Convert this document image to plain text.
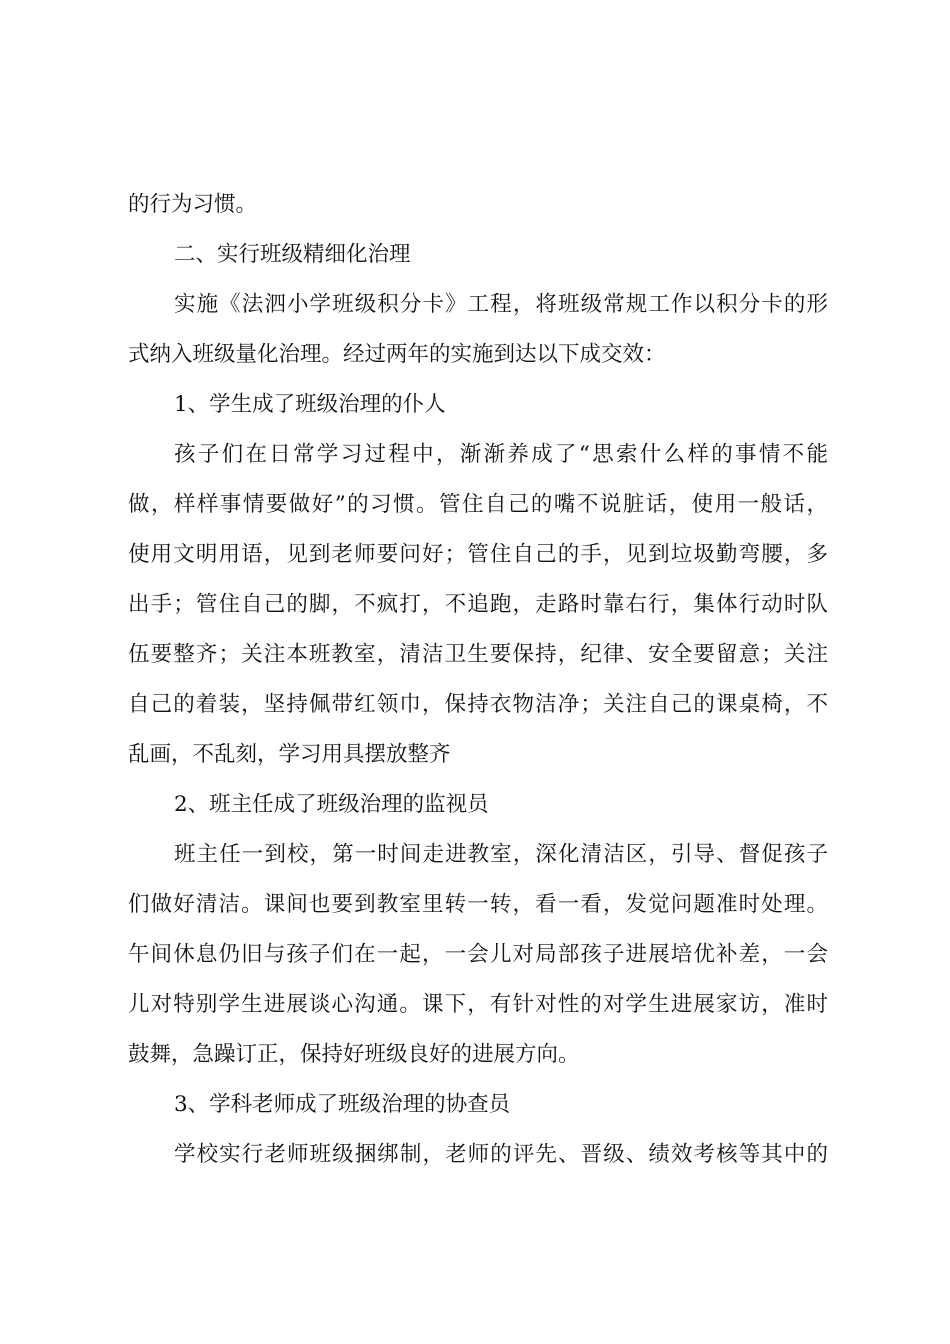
的行为习惯。
二、实行班级精细化治理
实施《法泗小学班级积分卡》工程，将班级常规工作以积分卡的形
式纳入班级量化治理。经过两年的实施到达以下成交效：
1、学生成了班级治理的仆人
孩子们在日常学习过程中，渐渐养成了“思索什么样的事情不能
做，样样事情要做好”的习惯。管住自己的嘴不说脏话，使用一般话，
使用文明用语，见到老师要问好；管住自己的手，见到垃圾勤弯腰，多
出手；管住自己的脚，不疯打，不追跑，走路时靠右行，集体行动时队
伍要整齐；关注本班教室，清洁卫生要保持，纪律、安全要留意；关注
自己的着装，坚持佩带红领巾，保持衣物洁净；关注自己的课桌椅，不
乱画，不乱刻，学习用具摆放整齐
2、班主任成了班级治理的监视员
班主任一到校，第一时间走进教室，深化清洁区，引导、督促孩子
们做好清洁。课间也要到教室里转一转，看一看，发觉问题准时处理。
午间休息仍旧与孩子们在一起，一会儿对局部孩子进展培优补差，一会
儿对特别学生进展谈心沟通。课下，有针对性的对学生进展家访，准时
鼓舞，急躁订正，保持好班级良好的进展方向。
3、学科老师成了班级治理的协查员
学校实行老师班级捆绑制，老师的评先、晋级、绩效考核等其中的
